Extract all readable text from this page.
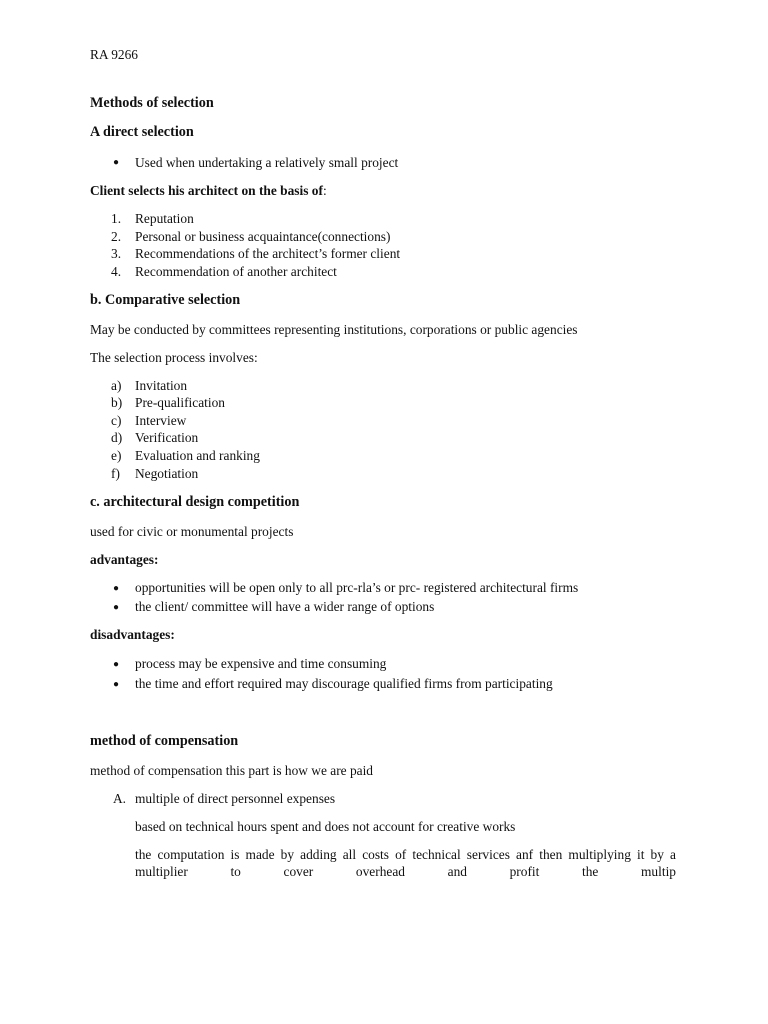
RA 9266
Methods of selection
A direct selection
● Used when undertaking a relatively small project
Client selects his architect on the basis of:
1. Reputation
2. Personal or business acquaintance(connections)
3. Recommendations of the architect’s former client
4. Recommendation of another architect
b. Comparative selection
May be conducted by committees representing institutions, corporations or public agencies
The selection process involves:
a) Invitation
b) Pre-qualification
c) Interview
d) Verification
e) Evaluation and ranking
f) Negotiation
c. architectural design competition
used for civic or monumental projects
advantages:
● opportunities will be open only to all prc-rla’s or prc- registered architectural firms
● the client/ committee will have a wider range of options
disadvantages:
● process may be expensive and time consuming
● the time and effort required may discourage qualified firms from participating
method of compensation
method of compensation this part is how we are paid
A. multiple of direct personnel expenses
based on technical hours spent and does not account for creative works
the computation is made by adding all costs of technical services anf then multiplying it by a
multiplier to cover overhead and profit the multip
